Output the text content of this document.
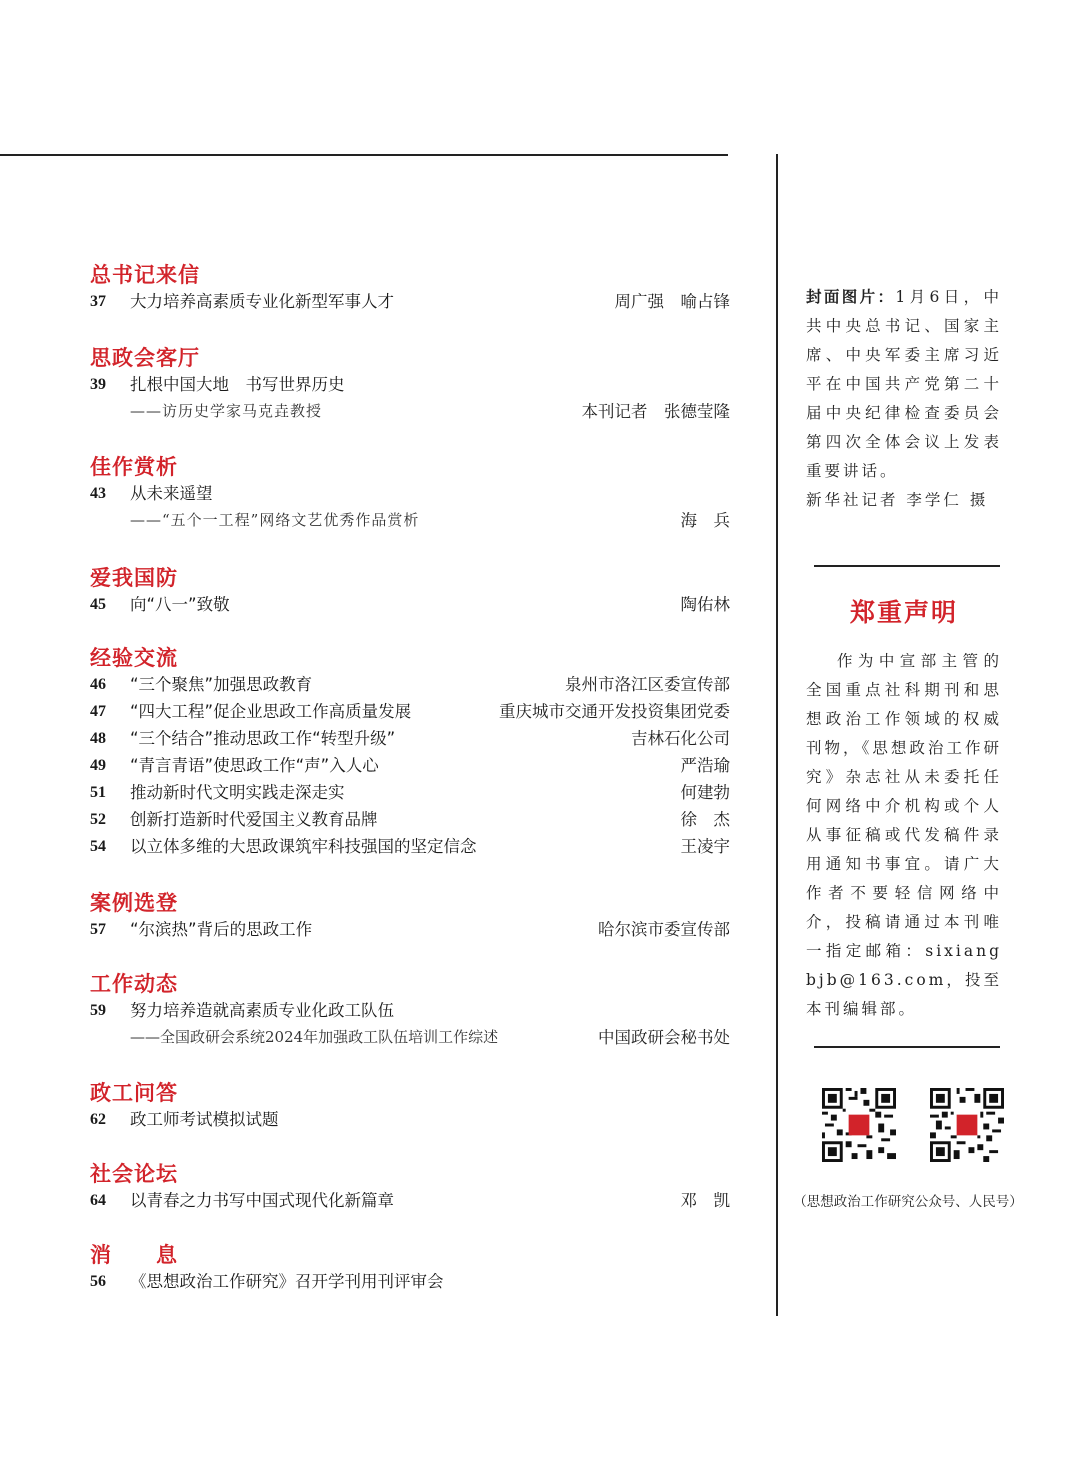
总书记来信
37 大力培养高素质专业化新型军事人才	周广强　喻占锋
思政会客厅
39 扎根中国大地　书写世界历史
——访历史学家马克垚教授	本刊记者　张德莹隆
佳作赏析
43 从未来遥望
——“五个一工程”网络文艺优秀作品赏析	海　兵
爱我国防
45 向“八一”致敬	陶佑林
经验交流
46 “三个聚焦”加强思政教育	泉州市洛江区委宣传部
47 “四大工程”促企业思政工作高质量发展	重庆城市交通开发投资集团党委
48 “三个结合”推动思政工作“转型升级”	吉林石化公司
49 “青言青语”使思政工作“声”入人心	严浩瑜
51 推动新时代文明实践走深走实	何建勃
52 创新打造新时代爱国主义教育品牌	徐　杰
54 以立体多维的大思政课筑牢科技强国的坚定信念	王凌宇
案例选登
57 “尔滨热”背后的思政工作	哈尔滨市委宣传部
工作动态
59 努力培养造就高素质专业化政工队伍
——全国政研会系统2024年加强政工队伍培训工作综述	中国政研会秘书处
政工问答
62 政工师考试模拟试题
社会论坛
64 以青春之力书写中国式现代化新篇章	邓　凯
消　　息
56 《思想政治工作研究》召开学刊用刊评审会
封面图片：1月6日，中共中央总书记、国家主席、中央军委主席习近平在中国共产党第二十届中央纪律检查委员会第四次全体会议上发表重要讲话。
新华社记者 李学仁 摄
郑重声明
作为中宣部主管的全国重点社科期刊和思想政治工作领域的权威刊物，《思想政治工作研究》杂志社从未委托任何网络中介机构或个人从事征稿或代发稿件录用通知书事宜。请广大作者不要轻信网络中介，投稿请通过本刊唯一指定邮箱：sixiangbjb@163.com，投至本刊编辑部。
（思想政治工作研究公众号、人民号）
